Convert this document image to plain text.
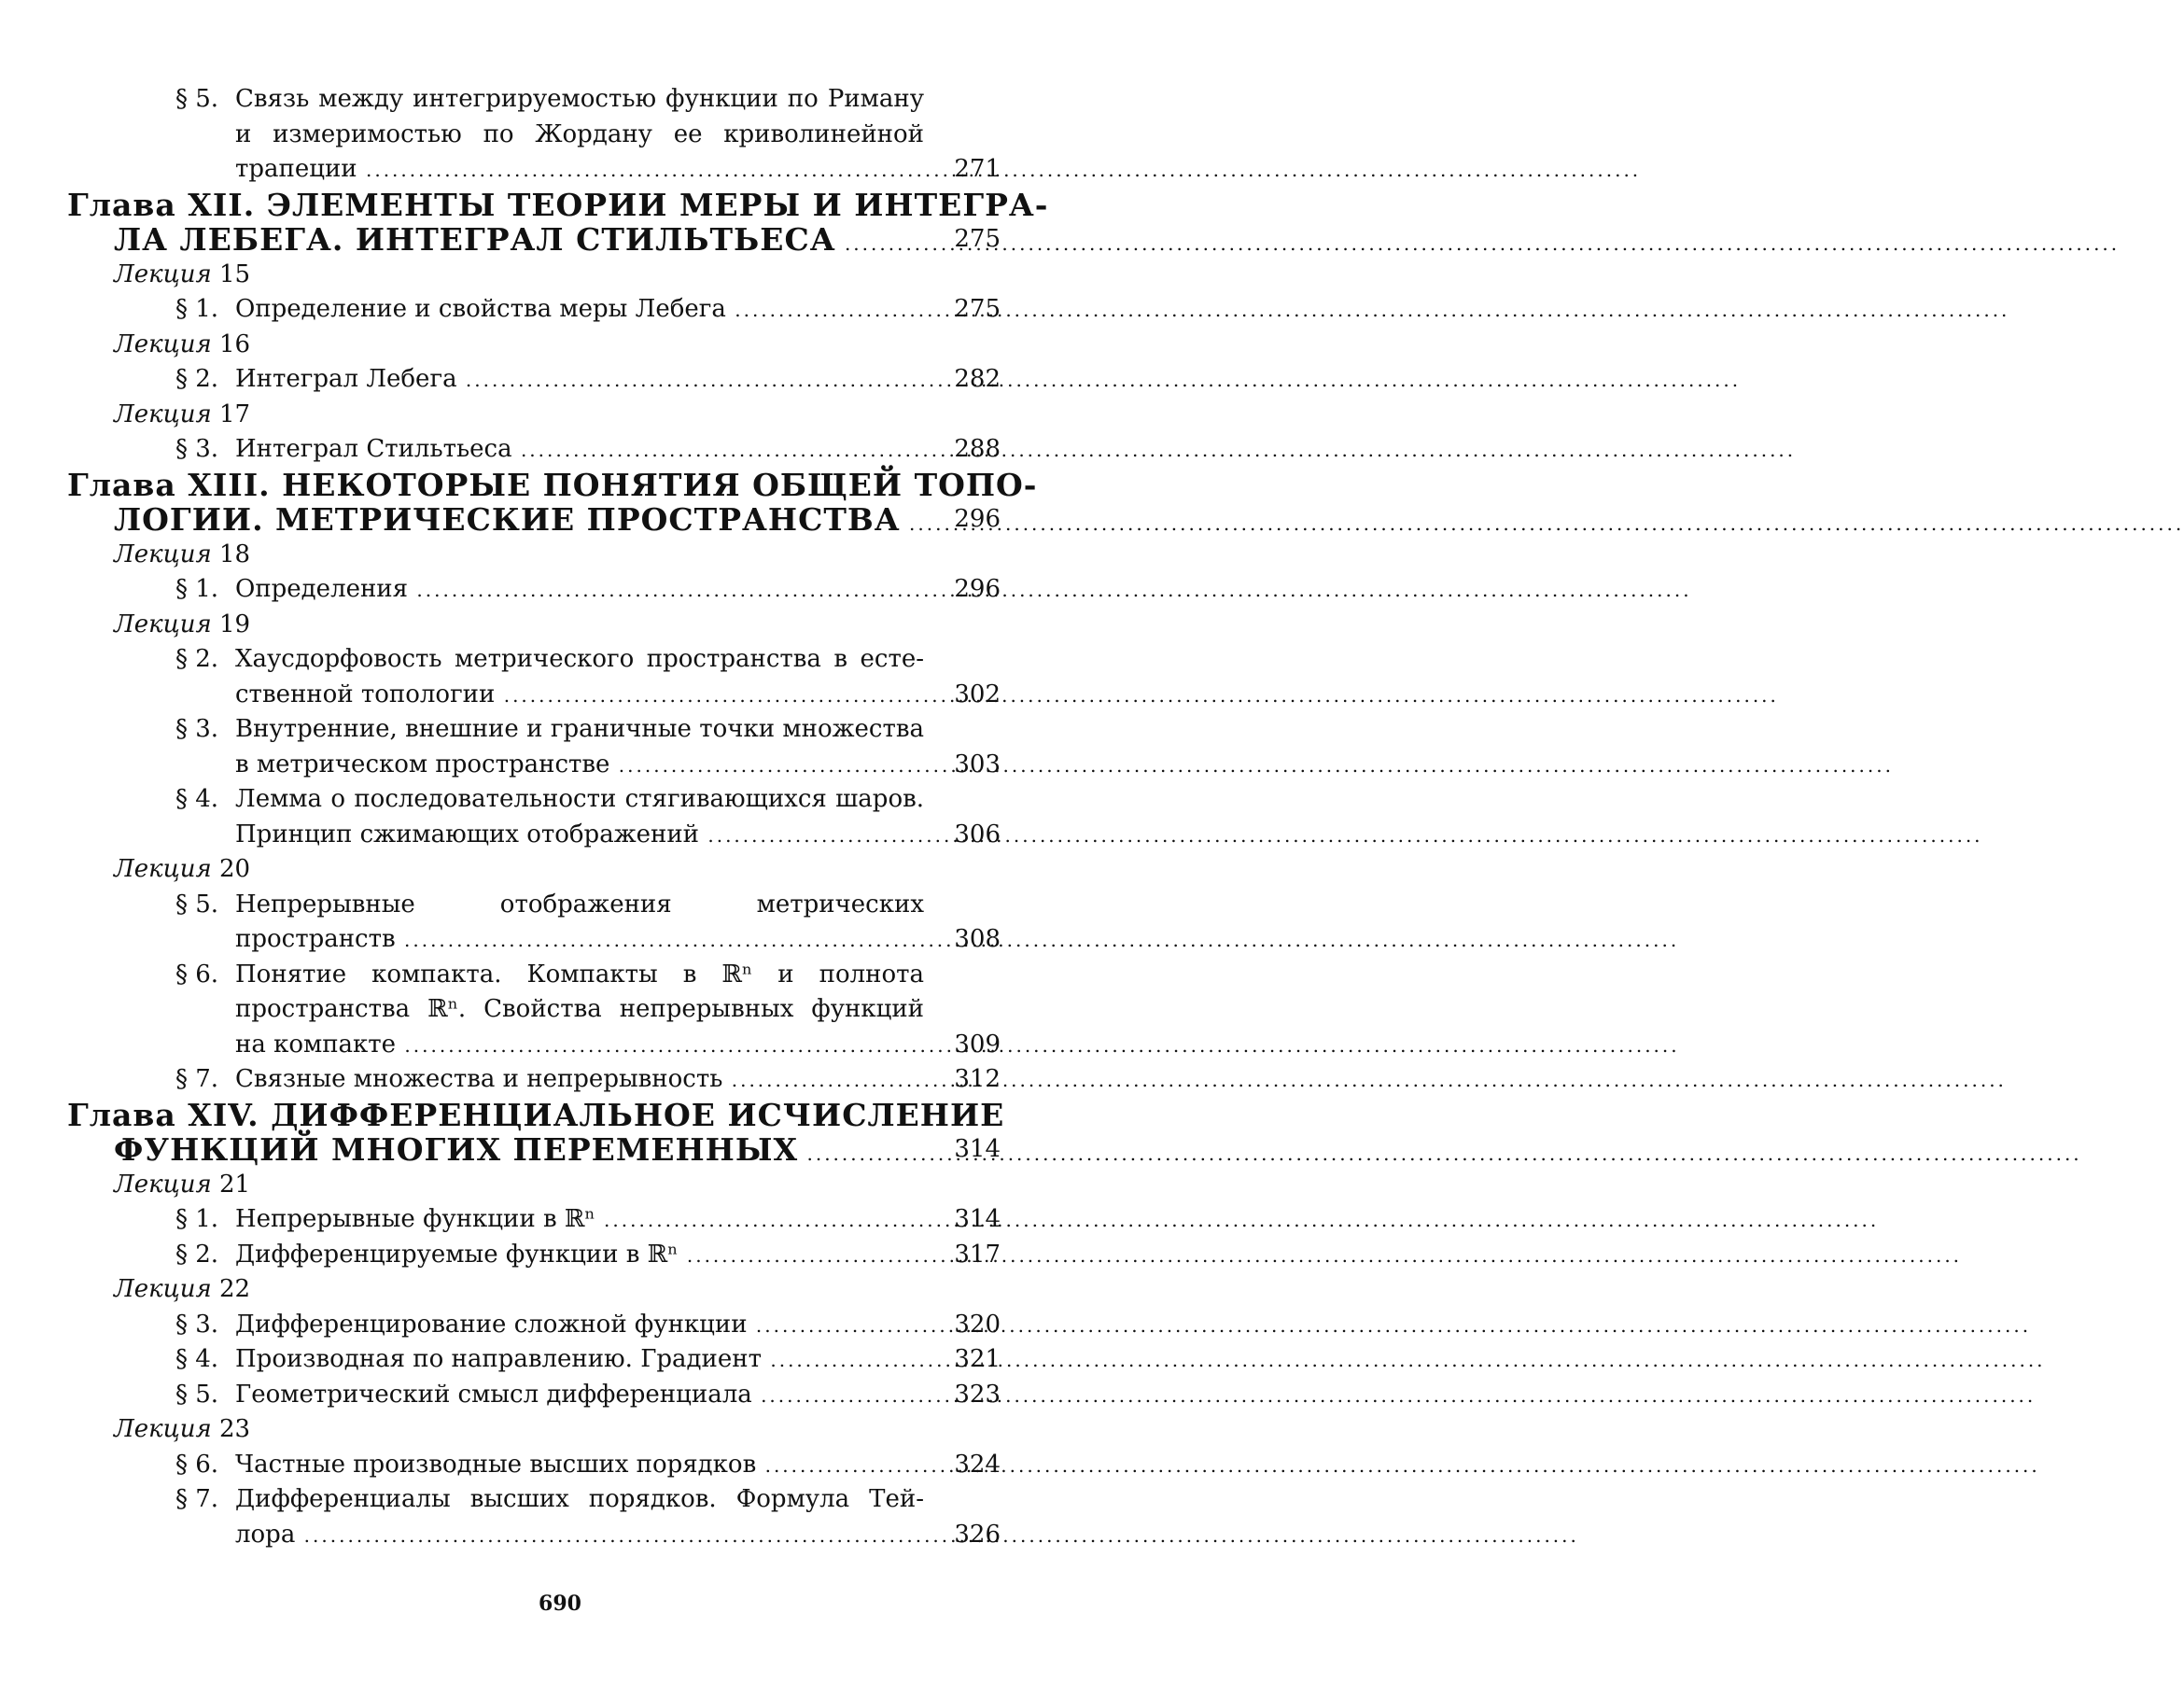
§ 5. Связь между интегрируемостью функции по Риману
и измеримостью по Жордану ее криволинейной
трапеции .....	271
Глава XII. ЭЛЕМЕНТЫ ТЕОРИИ МЕРЫ И ИНТЕГРА-
ЛА ЛЕБЕГА. ИНТЕГРАЛ СТИЛЬТЬЕСА .....	275
Лекция 15
§ 1. Определение и свойства меры Лебега .....	275
Лекция 16
§ 2. Интеграл Лебега .....	282
Лекция 17
§ 3. Интеграл Стильтьеса .....	288
Глава XIII. НЕКОТОРЫЕ ПОНЯТИЯ ОБЩЕЙ ТОПО-
ЛОГИИ. МЕТРИЧЕСКИЕ ПРОСТРАНСТВА .....	296
Лекция 18
§ 1. Определения .....	296
Лекция 19
§ 2. Хаусдорфовость метрического пространства в есте-
ственной топологии .....	302
§ 3. Внутренние, внешние и граничные точки множества
в метрическом пространстве .....	303
§ 4. Лемма о последовательности стягивающихся шаров.
Принцип сжимающих отображений .....	306
Лекция 20
§ 5. Непрерывные отображения метрических
пространств .....	308
§ 6. Понятие компакта. Компакты в ℝⁿ и полнота
пространства ℝⁿ. Свойства непрерывных функций
на компакте .....	309
§ 7. Связные множества и непрерывность .....	312
Глава XIV. ДИФФЕРЕНЦИАЛЬНОЕ ИСЧИСЛЕНИЕ
ФУНКЦИЙ МНОГИХ ПЕРЕМЕННЫХ .....	314
Лекция 21
§ 1. Непрерывные функции в ℝⁿ .....	314
§ 2. Дифференцируемые функции в ℝⁿ .....	317
Лекция 22
§ 3. Дифференцирование сложной функции .....	320
§ 4. Производная по направлению. Градиент .....	321
§ 5. Геометрический смысл дифференциала .....	323
Лекция 23
§ 6. Частные производные высших порядков .....	324
§ 7. Дифференциалы высших порядков. Формула Тей-
лора .....	326
690
